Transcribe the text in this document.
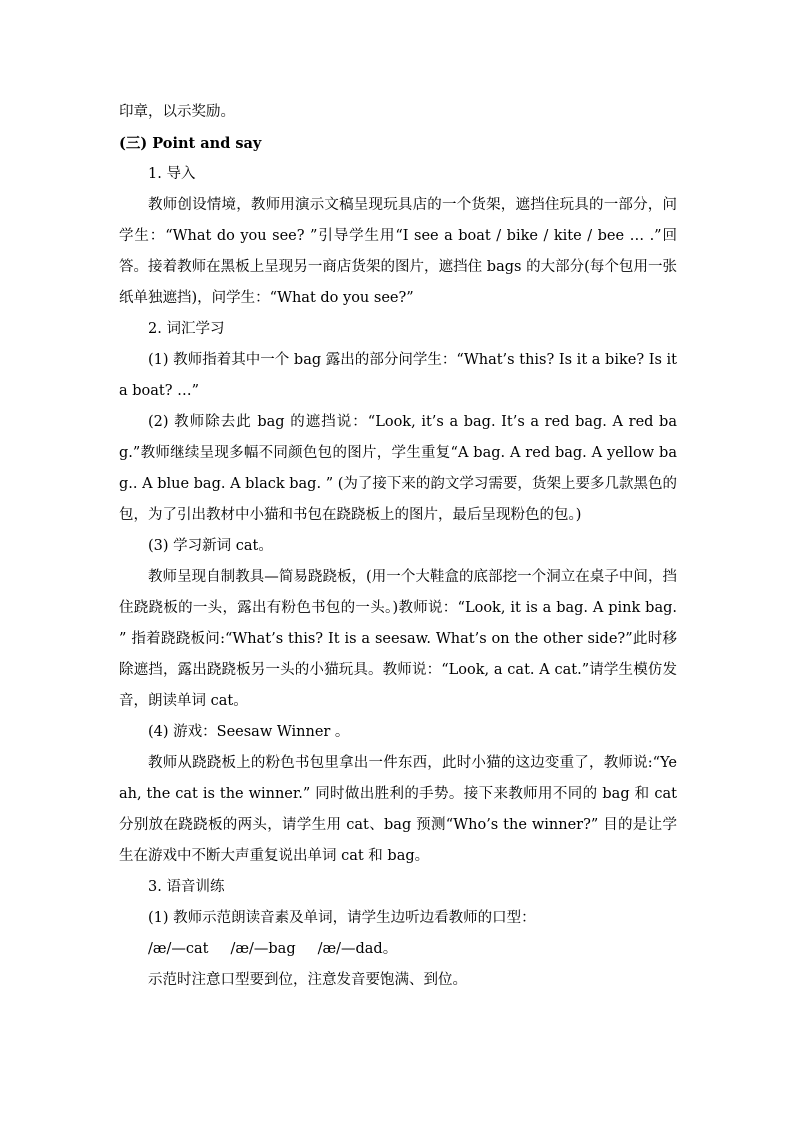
印章，以示奖励。

(三) Point and say

1. 导入

教师创设情境，教师用演示文稿呈现玩具店的一个货架，遮挡住玩具的一部分，问学生：“What do you see? ”引导学生用“I see a boat / bike / kite / bee … .”回答。接着教师在黑板上呈现另一商店货架的图片，遮挡住 bags 的大部分(每个包用一张纸单独遮挡)，问学生：“What do you see?”

2. 词汇学习

(1) 教师指着其中一个 bag 露出的部分问学生：“What’s this? Is it a bike? Is it a boat? …”

(2) 教师除去此 bag 的遮挡说：“Look, it’s a bag. It’s a red bag. A red bag.”教师继续呈现多幅不同颜色包的图片，学生重复“A bag. A red bag. A yellow bag.. A blue bag. A black bag. ” (为了接下来的韵文学习需要，货架上要多几款黑色的包，为了引出教材中小猫和书包在跷跷板上的图片，最后呈现粉色的包。)

(3) 学习新词 cat。

教师呈现自制教具—简易跷跷板，(用一个大鞋盒的底部挖一个洞立在桌子中间，挡住跷跷板的一头，露出有粉色书包的一头。)教师说：“Look, it is a bag. A pink bag. ” 指着跷跷板问:“What’s this? It is a seesaw. What’s on the other side?”此时移除遮挡，露出跷跷板另一头的小猫玩具。教师说：“Look, a cat. A cat.”请学生模仿发音，朗读单词 cat。

(4) 游戏：Seesaw Winner 。

教师从跷跷板上的粉色书包里拿出一件东西，此时小猫的这边变重了，教师说:“Yeah, the cat is the winner.” 同时做出胜利的手势。接下来教师用不同的 bag 和 cat 分别放在跷跷板的两头，请学生用 cat、bag 预测“Who’s the winner?” 目的是让学生在游戏中不断大声重复说出单词 cat 和 bag。

3. 语音训练

(1) 教师示范朗读音素及单词，请学生边听边看教师的口型：

/æ/—cat /æ/—bag /æ/—dad。

示范时注意口型要到位，注意发音要饱满、到位。
